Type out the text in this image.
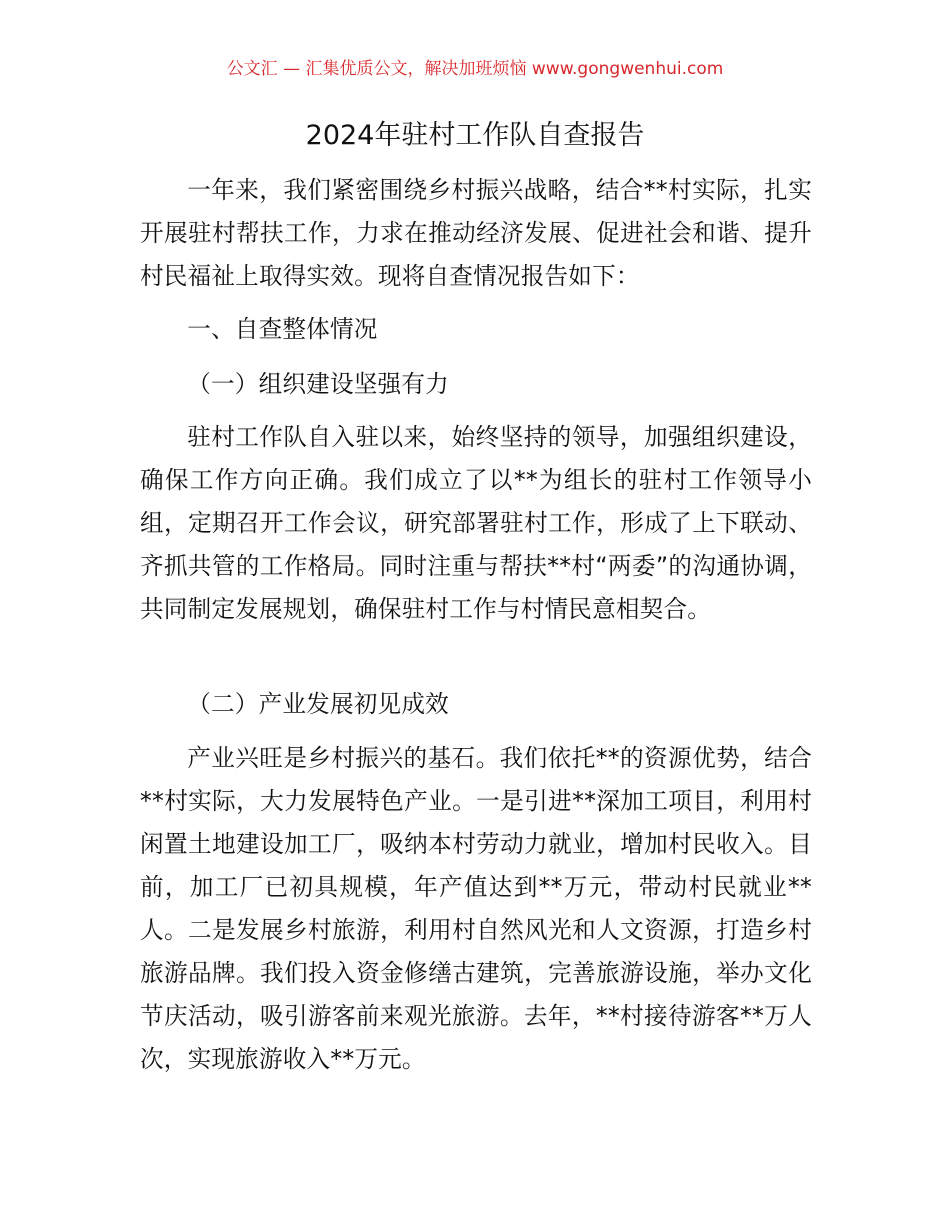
公文汇 — 汇集优质公文，解决加班烦恼 www.gongwenhui.com
2024年驻村工作队自查报告

一年来，我们紧密围绕乡村振兴战略，结合**村实际，扎实开展驻村帮扶工作，力求在推动经济发展、促进社会和谐、提升村民福祉上取得实效。现将自查情况报告如下：

一、自查整体情况

（一）组织建设坚强有力

驻村工作队自入驻以来，始终坚持的领导，加强组织建设，确保工作方向正确。我们成立了以**为组长的驻村工作领导小组，定期召开工作会议，研究部署驻村工作，形成了上下联动、齐抓共管的工作格局。同时注重与帮扶**村“两委”的沟通协调，共同制定发展规划，确保驻村工作与村情民意相契合。

（二）产业发展初见成效

产业兴旺是乡村振兴的基石。我们依托**的资源优势，结合**村实际，大力发展特色产业。一是引进**深加工项目，利用村闲置土地建设加工厂，吸纳本村劳动力就业，增加村民收入。目前，加工厂已初具规模，年产值达到**万元，带动村民就业**人。二是发展乡村旅游，利用村自然风光和人文资源，打造乡村旅游品牌。我们投入资金修缮古建筑，完善旅游设施，举办文化节庆活动，吸引游客前来观光旅游。去年，**村接待游客**万人次，实现旅游收入**万元。
